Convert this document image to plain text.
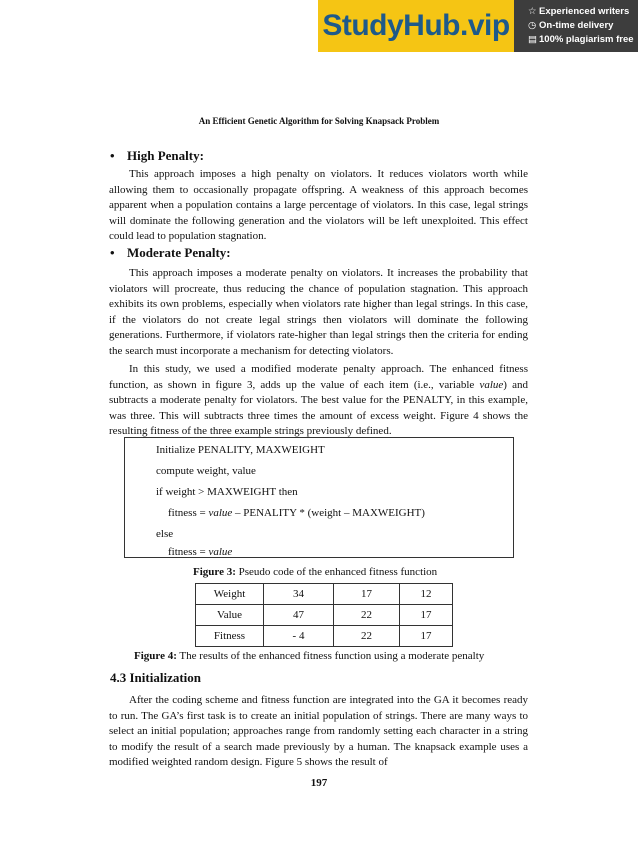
StudyHub.vip	☆ Experienced writers
◷ On-time delivery
▤ 100% plagiarism free
An Efficient Genetic Algorithm for Solving Knapsack Problem
• High Penalty:

This approach imposes a high penalty on violators. It reduces violators worth while allowing them to occasionally propagate offspring. A weakness of this approach becomes apparent when a population contains a large percentage of violators. In this case, legal strings will dominate the following generation and the violators will be left unexploited. This effect could lead to population stagnation.

• Moderate Penalty:

This approach imposes a moderate penalty on violators. It increases the probability that violators will procreate, thus reducing the chance of population stagnation. This approach exhibits its own problems, especially when violators rate higher than legal strings. In this case, if the violators do not create legal strings then violators will dominate the following generations. Furthermore, if violators rate-higher than legal strings then the criteria for ending the search must incorporate a mechanism for detecting violators.

In this study, we used a modified moderate penalty approach. The enhanced fitness function, as shown in figure 3, adds up the value of each item (i.e., variable value) and subtracts a moderate penalty for violators. The best value for the PENALTY, in this example, was three. This will subtracts three times the amount of excess weight. Figure 4 shows the resulting fitness of the three example strings previously defined.

Initialize PENALITY, MAXWEIGHT
compute weight, value
if weight > MAXWEIGHT then
fitness = value – PENALITY * (weight – MAXWEIGHT)
else
fitness = value
Figure 3: Pseudo code of the enhanced fitness function
Weight	34	17	12
Value	47	22	17
Fitness	- 4	22	17
Figure 4: The results of the enhanced fitness function using a moderate penalty
4.3 Initialization

After the coding scheme and fitness function are integrated into the GA it becomes ready to run. The GA’s first task is to create an initial population of strings. There are many ways to select an initial population; approaches range from randomly setting each character in a string to modify the result of a search made previously by a human. The knapsack example uses a modified weighted random design. Figure 5 shows the result of

197
